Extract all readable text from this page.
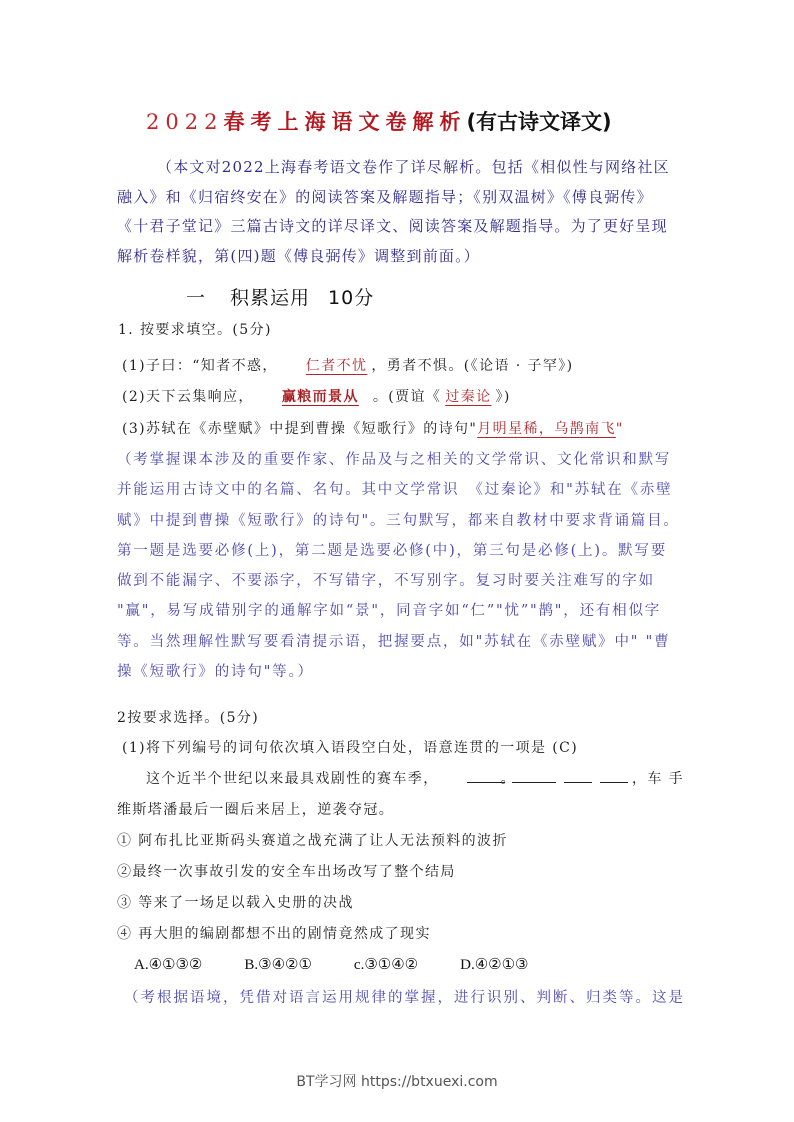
2022春考上海语文卷解析(有古诗文译文)
（本文对2022上海春考语文卷作了详尽解析。包括《相似性与网络社区融入》和《归宿终安在》的阅读答案及解题指导；《别双温树》《傅良弼传》《十君子堂记》三篇古诗文的详尽译文、阅读答案及解题指导。为了更好呈现解析卷样貌，第(四)题《傅良弼传》调整到前面。）
一 积累运用 10分
1. 按要求填空。(5分)
(1)子曰：“知者不惑， 仁者不忧 ，勇者不惧。(《论语 · 子罕》)
(2)天下云集响应， 赢粮而景从 。(贾谊《 过秦论 》)
(3)苏轼在《赤壁赋》中提到曹操《短歌行》的诗句"月明星稀，乌鹊南飞"
（考掌握课本涉及的重要作家、作品及与之相关的文学常识、文化常识和默写并能运用古诗文中的名篇、名句。其中文学常识　《过秦论》和"苏轼在《赤壁赋》中提到曹操《短歌行》的诗句"。三句默写，都来自教材中要求背诵篇目。第一题是选要必修(上)，第二题是选要必修(中)，第三句是必修(上)。默写要做到不能漏字、不要添字，不写错字，不写别字。复习时要关注难写的字如 "赢"，易写成错别字的通解字如“景"，同音字如“仁”"忧”"鹊"，还有相似字等。当然理解性默写要看清提示语，把握要点，如"苏轼在《赤壁赋》中" "曹操《短歌行》的诗句"等。）
2按要求选择。(5分)
(1)将下列编号的词句依次填入语段空白处，语意连贯的一项是 (C)
这个近半个世纪以来最具戏剧性的赛车季，	。	，车 手
维斯塔潘最后一圈后来居上，逆袭夺冠。
① 阿布扎比亚斯码头赛道之战充满了让人无法预料的波折
②最终一次事故引发的安全车出场改写了整个结局
③ 等来了一场足以载入史册的决战
④ 再大胆的编剧都想不出的剧情竟然成了现实
A.④①③②	B.③④②①	c.③①④②	D.④②①③
（考根据语境，凭借对语言运用规律的掌握，进行识别、判断、归类等。这是
BT学习网 https://btxuexi.com
